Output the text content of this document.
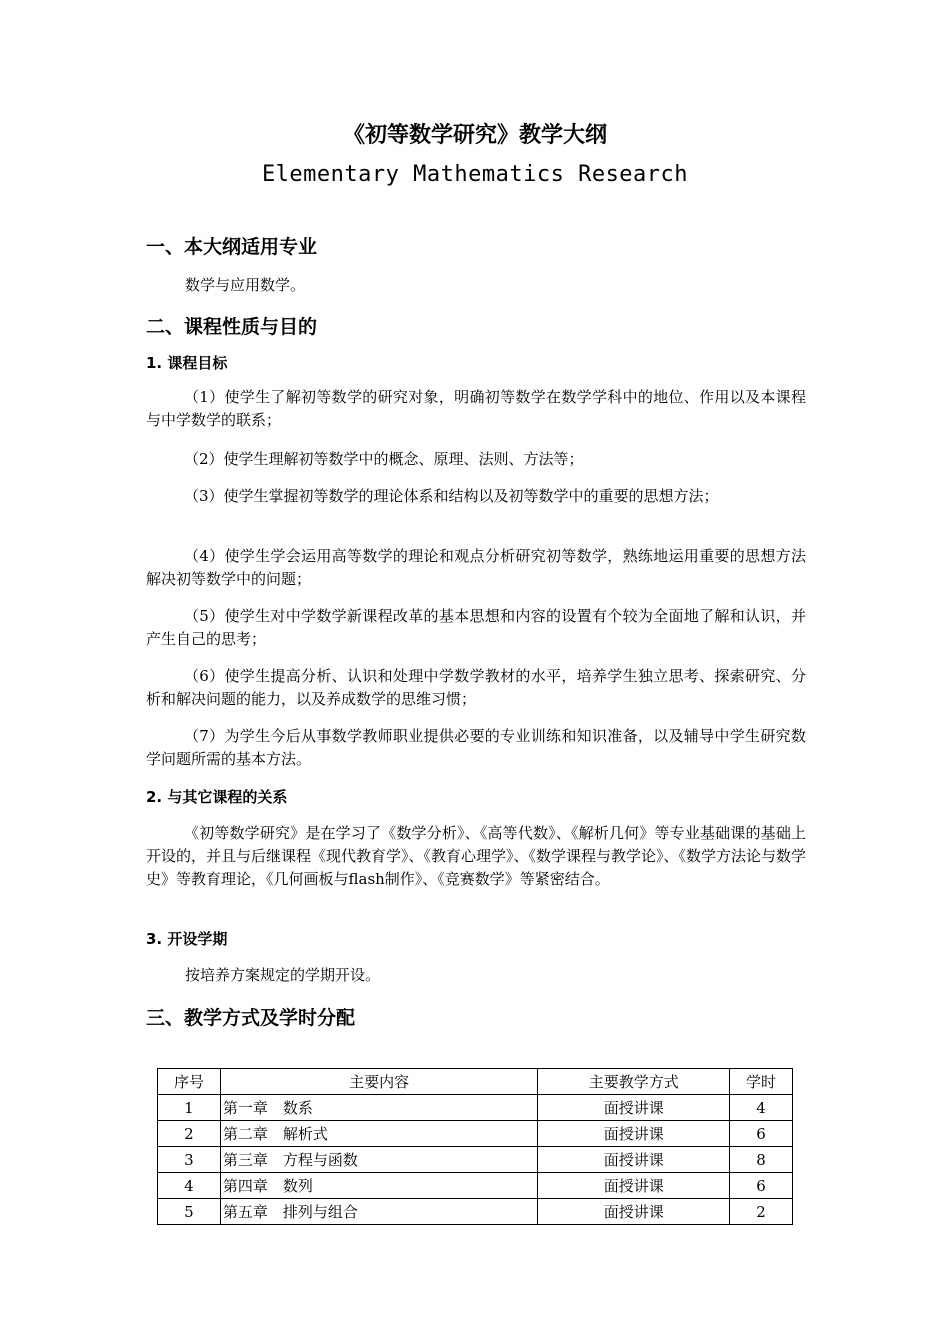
《初等数学研究》教学大纲
Elementary Mathematics Research
一、本大纲适用专业
数学与应用数学。
二、课程性质与目的
1. 课程目标
（1）使学生了解初等数学的研究对象，明确初等数学在数学学科中的地位、作用以及本课程与中学数学的联系；
（2）使学生理解初等数学中的概念、原理、法则、方法等；
（3）使学生掌握初等数学的理论体系和结构以及初等数学中的重要的思想方法；
（4）使学生学会运用高等数学的理论和观点分析研究初等数学，熟练地运用重要的思想方法解决初等数学中的问题；
（5）使学生对中学数学新课程改革的基本思想和内容的设置有个较为全面地了解和认识，并产生自己的思考；
（6）使学生提高分析、认识和处理中学数学教材的水平，培养学生独立思考、探索研究、分析和解决问题的能力，以及养成数学的思维习惯；
（7）为学生今后从事数学教师职业提供必要的专业训练和知识准备，以及辅导中学生研究数学问题所需的基本方法。
2. 与其它课程的关系
《初等数学研究》是在学习了《数学分析》、《高等代数》、《解析几何》等专业基础课的基础上开设的，并且与后继课程《现代教育学》、《教育心理学》、《数学课程与教学论》、《数学方法论与数学史》等教育理论，《几何画板与flash制作》、《竞赛数学》等紧密结合。
3. 开设学期
按培养方案规定的学期开设。
三、教学方式及学时分配
序号	主要内容	主要教学方式	学时
1	第一章　数系	面授讲课	4
2	第二章　解析式	面授讲课	6
3	第三章　方程与函数	面授讲课	8
4	第四章　数列	面授讲课	6
5	第五章　排列与组合	面授讲课	2
